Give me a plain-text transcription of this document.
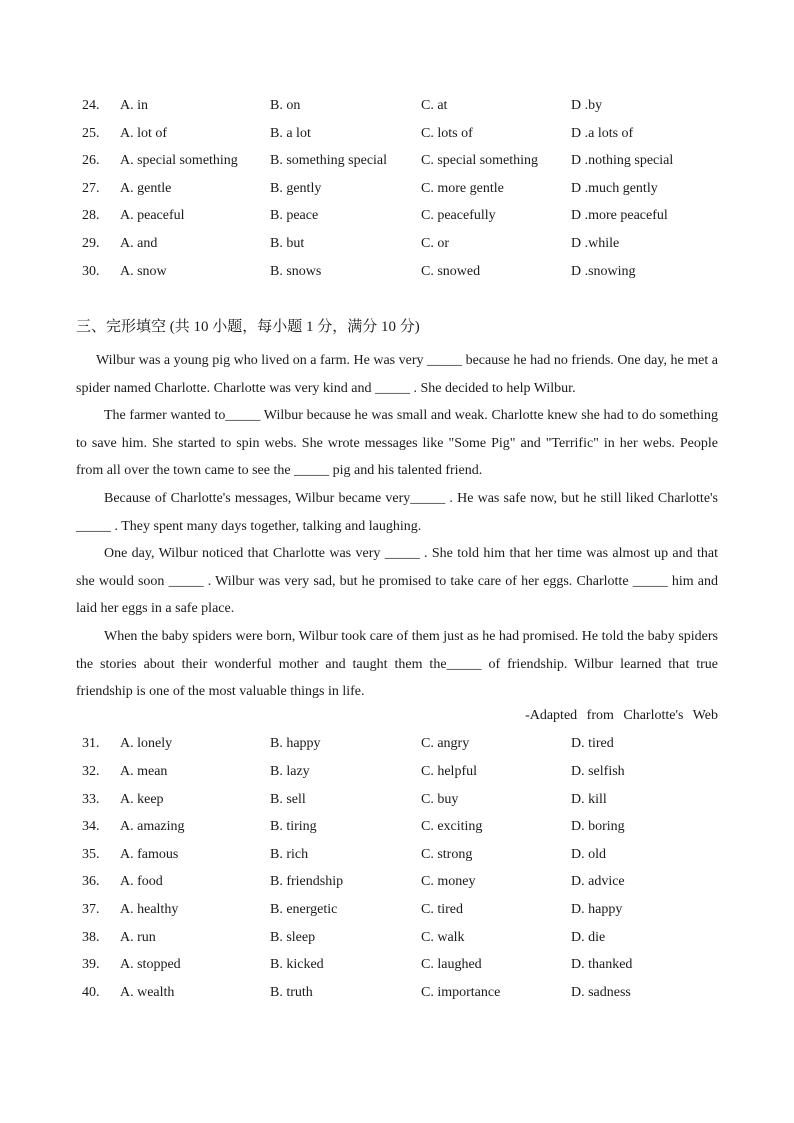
24. A. in	B. on	C. at	D .by
25. A. lot of	B. a lot	C. lots of	D .a lots of
26. A. special something B. something special C. special something D .nothing special
27. A. gentle	B. gently	C. more gentle	D .much gently
28. A. peaceful	B. peace	C. peacefully	D .more peaceful
29. A. and	B. but	C. or	D .while
30. A. snow	B. snows	C. snowed	D .snowing
三、完形填空 (共 10 小题，每小题 1 分，满分 10 分)

Wilbur was a young pig who lived on a farm. He was very _____ because he had no friends. One day, he met a spider named Charlotte. Charlotte was very kind and _____ . She decided to help Wilbur.

The farmer wanted to_____ Wilbur because he was small and weak. Charlotte knew she had to do something to save him. She started to spin webs. She wrote messages like "Some Pig" and "Terrific" in her webs. People from all over the town came to see the _____ pig and his talented friend.

Because of Charlotte's messages, Wilbur became very_____ . He was safe now, but he still liked Charlotte's _____ . They spent many days together, talking and laughing.

One day, Wilbur noticed that Charlotte was very _____ . She told him that her time was almost up and that she would soon _____ . Wilbur was very sad, but he promised to take care of her eggs. Charlotte _____ him and laid her eggs in a safe place.

When the baby spiders were born, Wilbur took care of them just as he had promised. He told the baby spiders the stories about their wonderful mother and taught them the_____ of friendship. Wilbur learned that true friendship is one of the most valuable things in life.

-Adapted from Charlotte's Web
31. A. lonely	B. happy	C. angry	D. tired
32. A. mean	B. lazy	C. helpful	D. selfish
33. A. keep	B. sell	C. buy	D. kill
34. A. amazing	B. tiring	C. exciting	D. boring
35. A. famous	B. rich	C. strong	D. old
36. A. food	B. friendship	C. money	D. advice
37. A. healthy	B. energetic	C. tired	D. happy
38. A. run	B. sleep	C. walk	D. die
39. A. stopped	B. kicked	C. laughed	D. thanked
40. A. wealth	B. truth	C. importance	D. sadness
